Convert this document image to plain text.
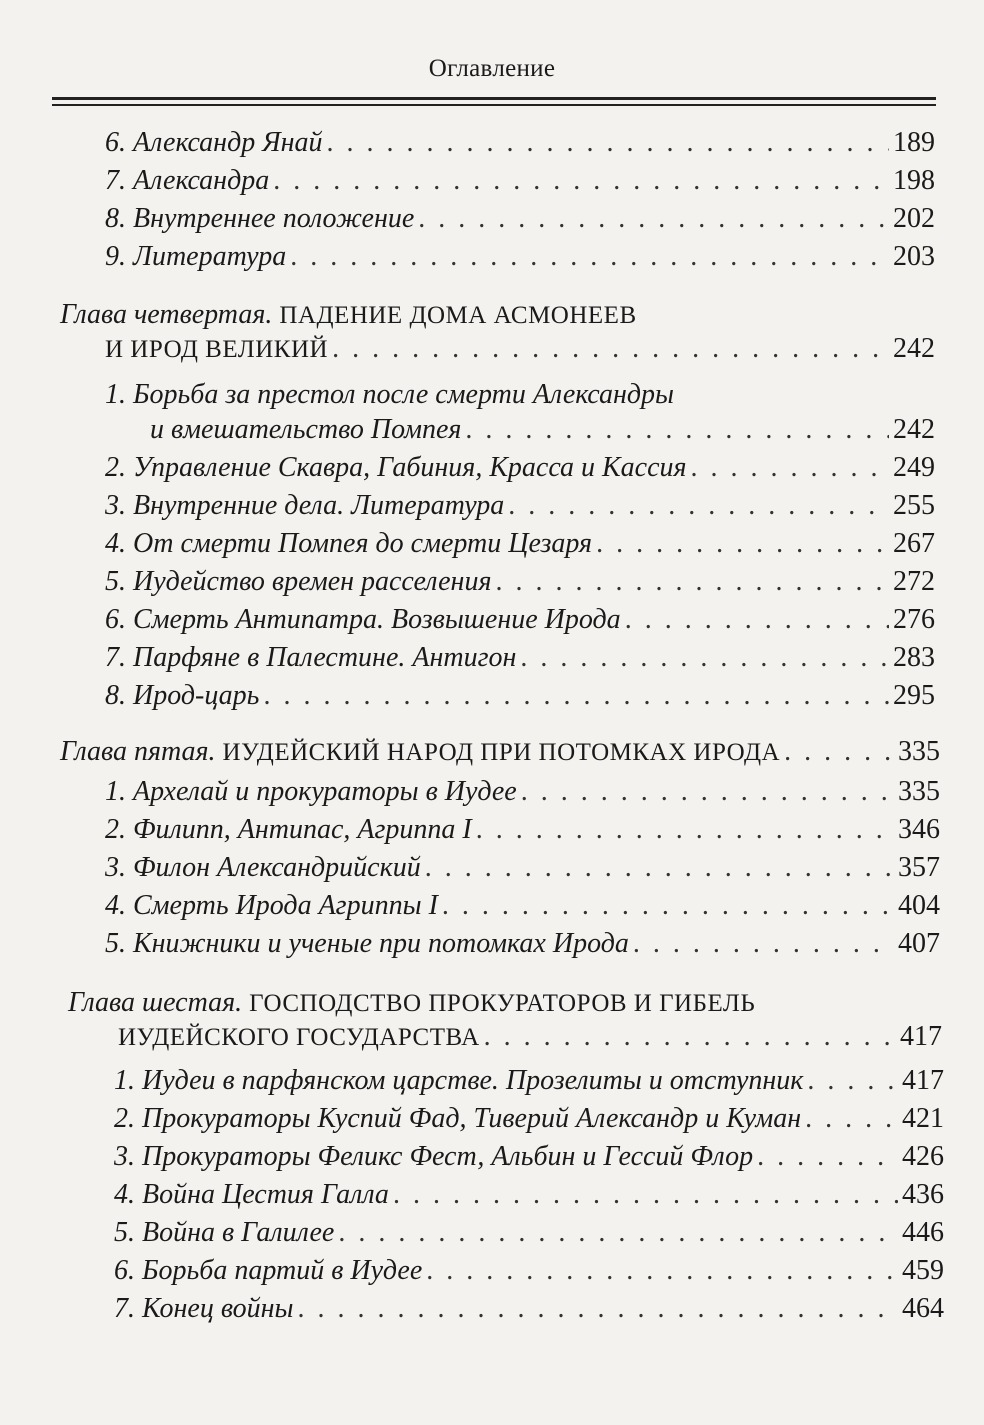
Оглавление
6. Александр Янай . . .	189
7. Александра . . .	198
8. Внутреннее положение . . .	202
9. Литература . . .	203
Глава четвертая. ПАДЕНИЕ ДОМА АСМОНЕЕВ
И ИРОД ВЕЛИКИЙ . . .	242
1. Борьба за престол после смерти Александры
и вмешательство Помпея . . .	242
2. Управление Скавра, Габиния, Красса и Кассия . . .	249
3. Внутренние дела. Литература . . .	255
4. От смерти Помпея до смерти Цезаря . . .	267
5. Иудейство времен расселения . . .	272
6. Смерть Антипатра. Возвышение Ирода . . .	276
7. Парфяне в Палестине. Антигон . . .	283
8. Ирод-царь . . .	295
Глава пятая. ИУДЕЙСКИЙ НАРОД ПРИ ПОТОМКАХ ИРОДА . . .	335
1. Архелай и прокураторы в Иудее . . .	335
2. Филипп, Антипас, Агриппа I . . .	346
3. Филон Александрийский . . .	357
4. Смерть Ирода Агриппы I . . .	404
5. Книжники и ученые при потомках Ирода . . .	407
Глава шестая. ГОСПОДСТВО ПРОКУРАТОРОВ И ГИБЕЛЬ
ИУДЕЙСКОГО ГОСУДАРСТВА . . .	417
1. Иудеи в парфянском царстве. Прозелиты и отступник . . .	417
2. Прокураторы Куспий Фад, Тиверий Александр и Куман . . .	421
3. Прокураторы Феликс Фест, Альбин и Гессий Флор . . .	426
4. Война Цестия Галла . . .	436
5. Война в Галилее . . .	446
6. Борьба партий в Иудее . . .	459
7. Конец войны . . .	464
